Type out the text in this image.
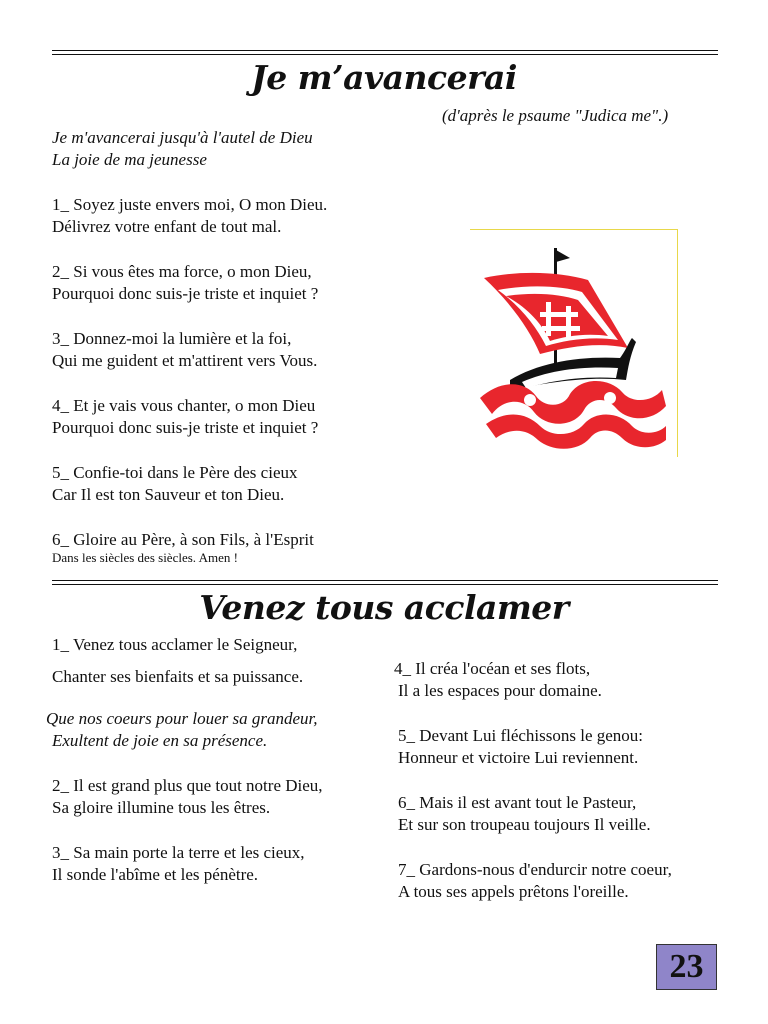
Je m’avancerai
(d'après le psaume "Judica me".)
Je m'avancerai jusqu'à l'autel de Dieu
La joie de ma jeunesse
1_ Soyez juste envers moi, O mon Dieu.
Délivrez votre enfant de tout mal.
2_ Si vous êtes ma force, o mon Dieu,
Pourquoi donc suis-je triste et inquiet ?
3_ Donnez-moi la lumière et la foi,
Qui me guident et m'attirent vers Vous.
4_ Et je vais vous chanter, o mon Dieu
Pourquoi donc suis-je triste et inquiet ?
5_ Confie-toi dans le Père des cieux
Car Il est ton Sauveur et ton Dieu.
6_ Gloire au Père, à son Fils, à l'Esprit
Dans les siècles des siècles. Amen !
Venez tous acclamer
1_ Venez tous acclamer le Seigneur,
Chanter ses bienfaits et sa puissance.
Que nos coeurs pour louer sa grandeur,
Exultent de joie en sa présence.
2_ Il est grand plus que tout notre Dieu,
Sa gloire illumine tous les êtres.
3_ Sa main porte la terre et les cieux,
Il sonde l'abîme et les pénètre.
4_ Il créa l'océan et ses flots,
Il a les espaces pour domaine.
5_ Devant Lui fléchissons le genou:
Honneur et victoire Lui reviennent.
6_ Mais il est avant tout le Pasteur,
Et sur son troupeau toujours Il veille.
7_ Gardons-nous d'endurcir notre coeur,
A tous ses appels prêtons l'oreille.
23
